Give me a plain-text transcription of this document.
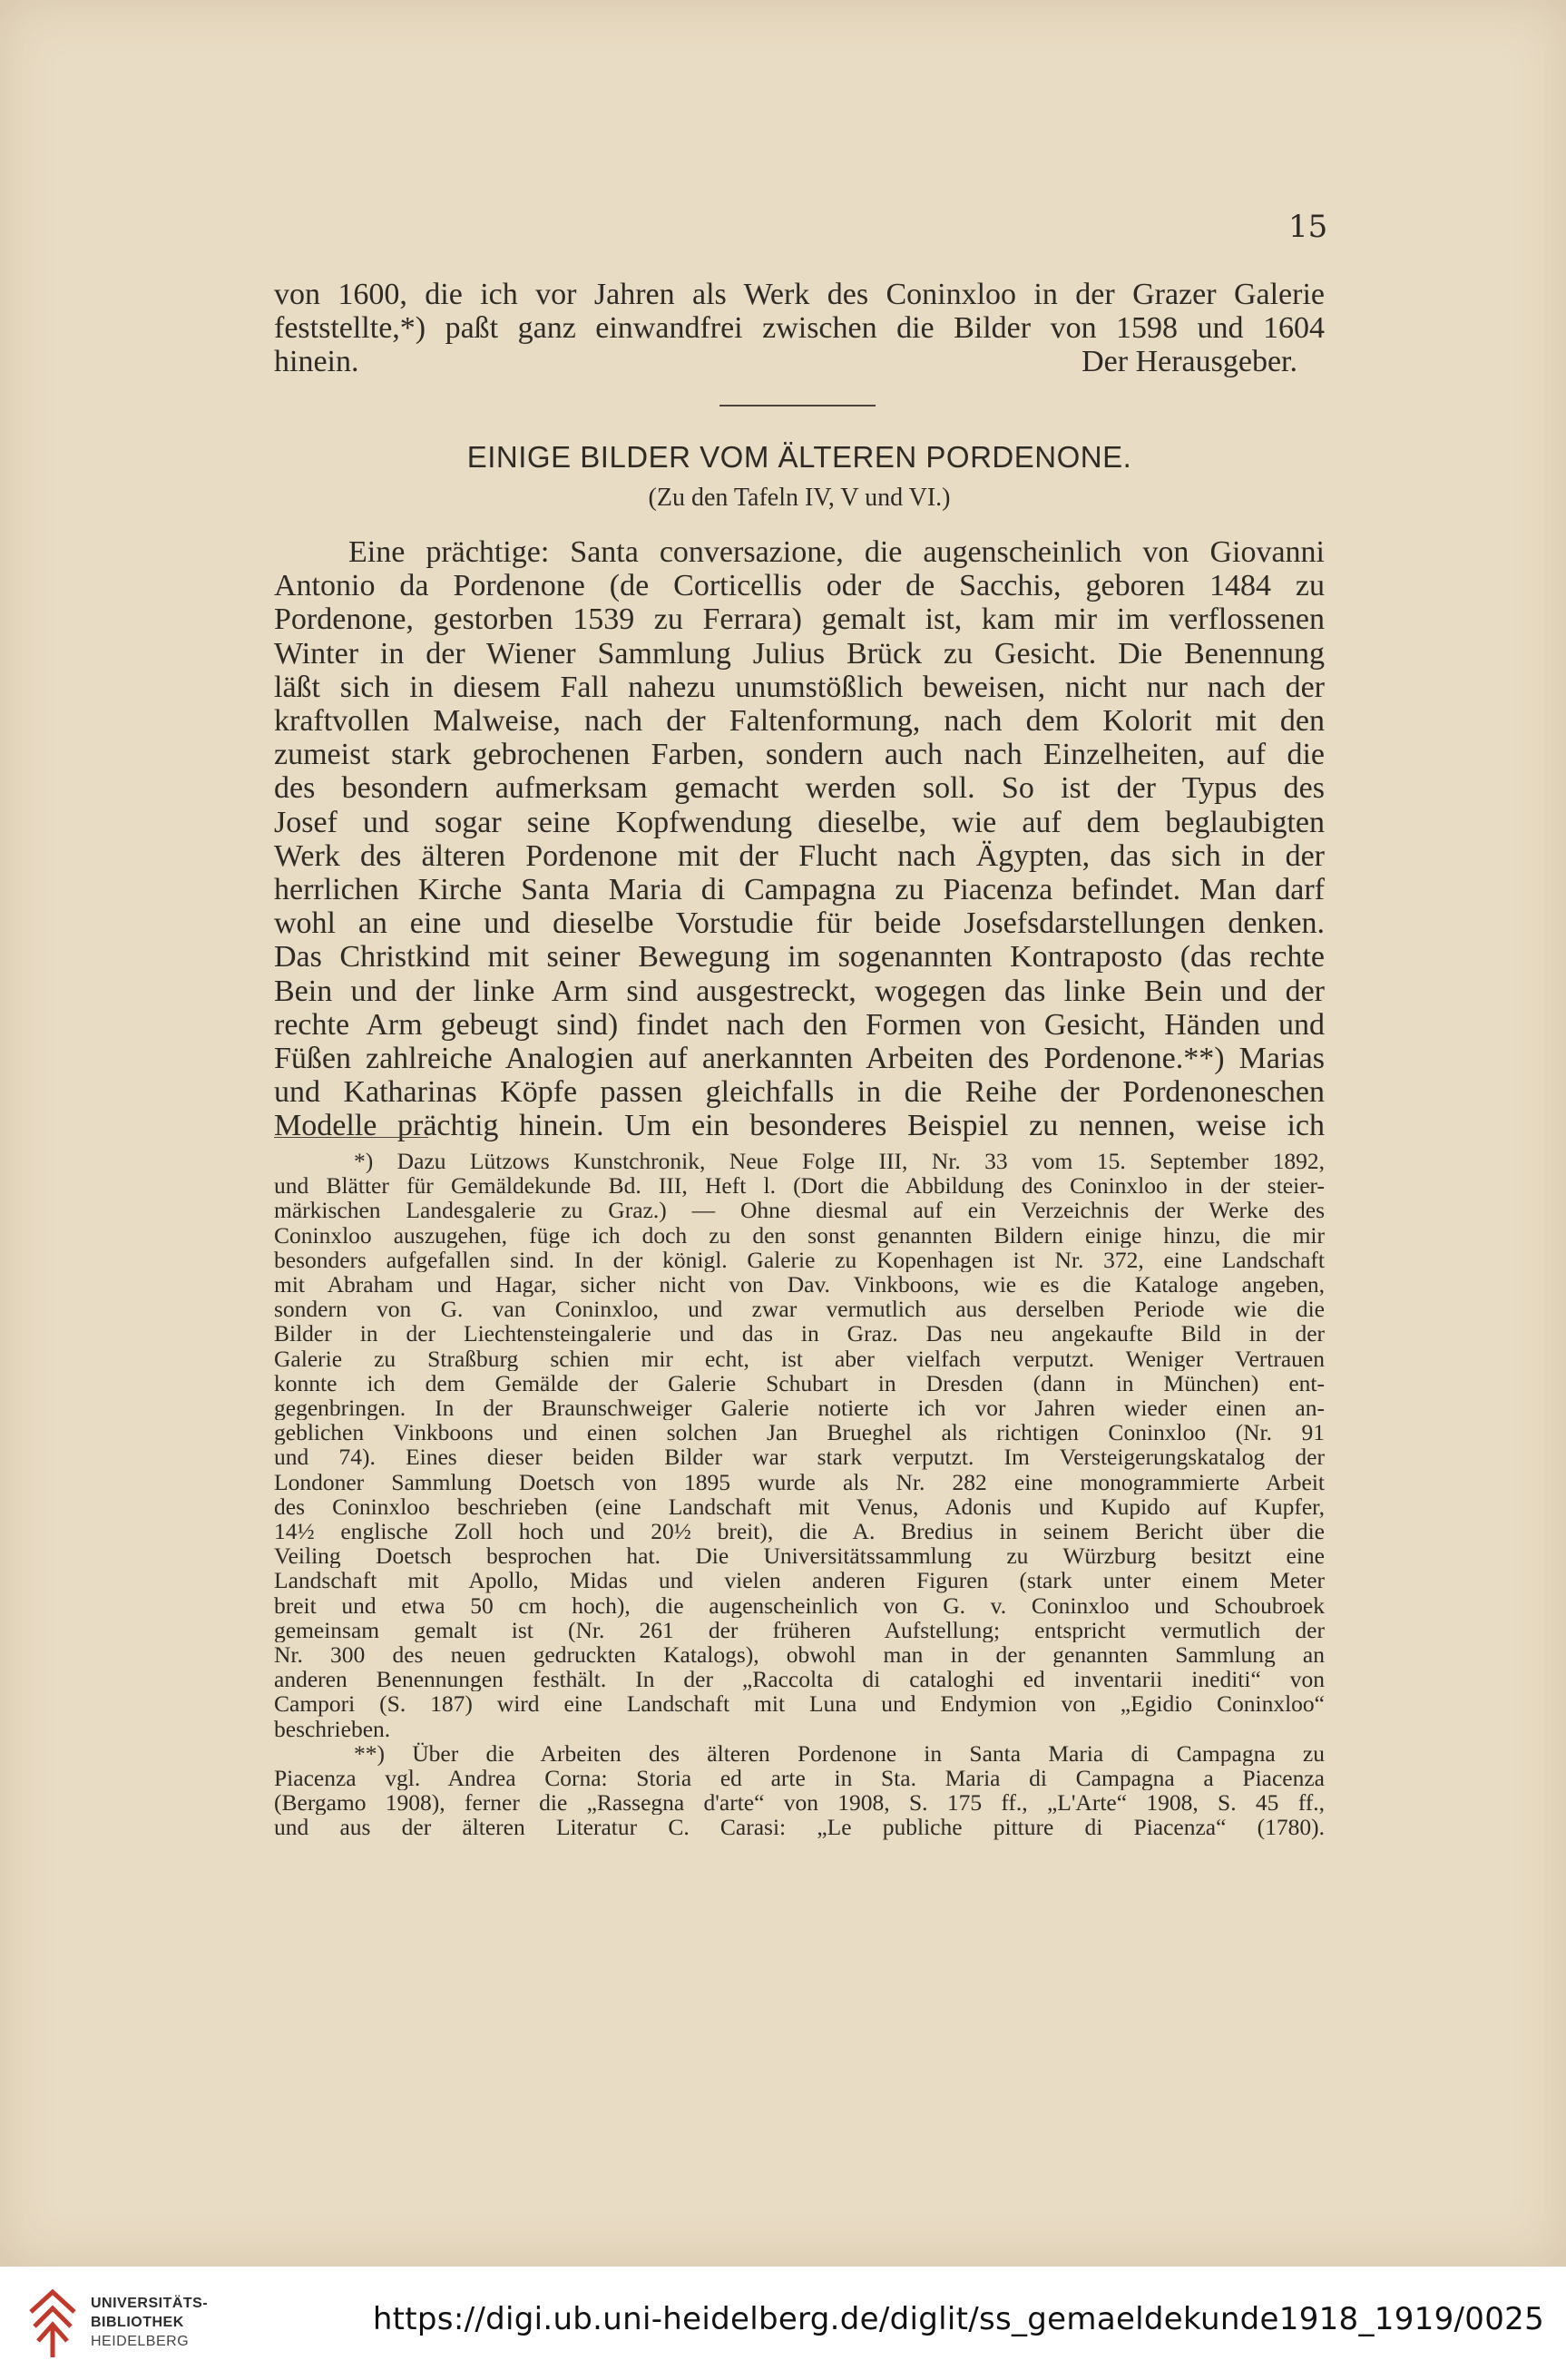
15

von 1600, die ich vor Jahren als Werk des Coninxloo in der Grazer Galerie

feststellte,*) paßt ganz einwandfrei zwischen die Bilder von 1598 und 1604

hinein.	Der Herausgeber.
EINIGE BILDER VOM ÄLTEREN PORDENONE.
(Zu den Tafeln IV, V und VI.)

Eine prächtige: Santa conversazione, die augenscheinlich von Giovanni

Antonio da Pordenone (de Corticellis oder de Sacchis, geboren 1484 zu

Pordenone, gestorben 1539 zu Ferrara) gemalt ist, kam mir im verflossenen

Winter in der Wiener Sammlung Julius Brück zu Gesicht. Die Benennung

läßt sich in diesem Fall nahezu unumstößlich beweisen, nicht nur nach der

kraftvollen Malweise, nach der Faltenformung, nach dem Kolorit mit den

zumeist stark gebrochenen Farben, sondern auch nach Einzelheiten, auf die

des besondern aufmerksam gemacht werden soll. So ist der Typus des

Josef und sogar seine Kopfwendung dieselbe, wie auf dem beglaubigten

Werk des älteren Pordenone mit der Flucht nach Ägypten, das sich in der

herrlichen Kirche Santa Maria di Campagna zu Piacenza befindet. Man darf

wohl an eine und dieselbe Vorstudie für beide Josefsdarstellungen denken.

Das Christkind mit seiner Bewegung im sogenannten Kontraposto (das rechte

Bein und der linke Arm sind ausgestreckt, wogegen das linke Bein und der

rechte Arm gebeugt sind) findet nach den Formen von Gesicht, Händen und

Füßen zahlreiche Analogien auf anerkannten Arbeiten des Pordenone.**) Marias

und Katharinas Köpfe passen gleichfalls in die Reihe der Pordenoneschen

Modelle prächtig hinein. Um ein besonderes Beispiel zu nennen, weise ich

*) Dazu Lützows Kunstchronik, Neue Folge III, Nr. 33 vom 15. September 1892,

und Blätter für Gemäldekunde Bd. III, Heft l. (Dort die Abbildung des Coninxloo in der steier-

märkischen Landesgalerie zu Graz.) — Ohne diesmal auf ein Verzeichnis der Werke des

Coninxloo auszugehen, füge ich doch zu den sonst genannten Bildern einige hinzu, die mir

besonders aufgefallen sind. In der königl. Galerie zu Kopenhagen ist Nr. 372, eine Landschaft

mit Abraham und Hagar, sicher nicht von Dav. Vinkboons, wie es die Kataloge angeben,

sondern von G. van Coninxloo, und zwar vermutlich aus derselben Periode wie die

Bilder in der Liechtensteingalerie und das in Graz. Das neu angekaufte Bild in der

Galerie zu Straßburg schien mir echt, ist aber vielfach verputzt. Weniger Vertrauen

konnte ich dem Gemälde der Galerie Schubart in Dresden (dann in München) ent-

gegenbringen. In der Braunschweiger Galerie notierte ich vor Jahren wieder einen an-

geblichen Vinkboons und einen solchen Jan Brueghel als richtigen Coninxloo (Nr. 91

und 74). Eines dieser beiden Bilder war stark verputzt. Im Versteigerungskatalog der

Londoner Sammlung Doetsch von 1895 wurde als Nr. 282 eine monogrammierte Arbeit

des Coninxloo beschrieben (eine Landschaft mit Venus, Adonis und Kupido auf Kupfer,

14½ englische Zoll hoch und 20½ breit), die A. Bredius in seinem Bericht über die

Veiling Doetsch besprochen hat. Die Universitätssammlung zu Würzburg besitzt eine

Landschaft mit Apollo, Midas und vielen anderen Figuren (stark unter einem Meter

breit und etwa 50 cm hoch), die augenscheinlich von G. v. Coninxloo und Schoubroek

gemeinsam gemalt ist (Nr. 261 der früheren Aufstellung; entspricht vermutlich der

Nr. 300 des neuen gedruckten Katalogs), obwohl man in der genannten Sammlung an

anderen Benennungen festhält. In der „Raccolta di cataloghi ed inventarii inediti“ von

Campori (S. 187) wird eine Landschaft mit Luna und Endymion von „Egidio Coninxloo“

beschrieben.

**) Über die Arbeiten des älteren Pordenone in Santa Maria di Campagna zu

Piacenza vgl. Andrea Corna: Storia ed arte in Sta. Maria di Campagna a Piacenza

(Bergamo 1908), ferner die „Rassegna d'arte“ von 1908, S. 175 ff., „L'Arte“ 1908, S. 45 ff.,

und aus der älteren Literatur C. Carasi: „Le publiche pitture di Piacenza“ (1780).

UNIVERSITÄTS-
BIBLIOTHEK
HEIDELBERG
https://digi.ub.uni-heidelberg.de/diglit/ss_gemaeldekunde1918_1919/0025
